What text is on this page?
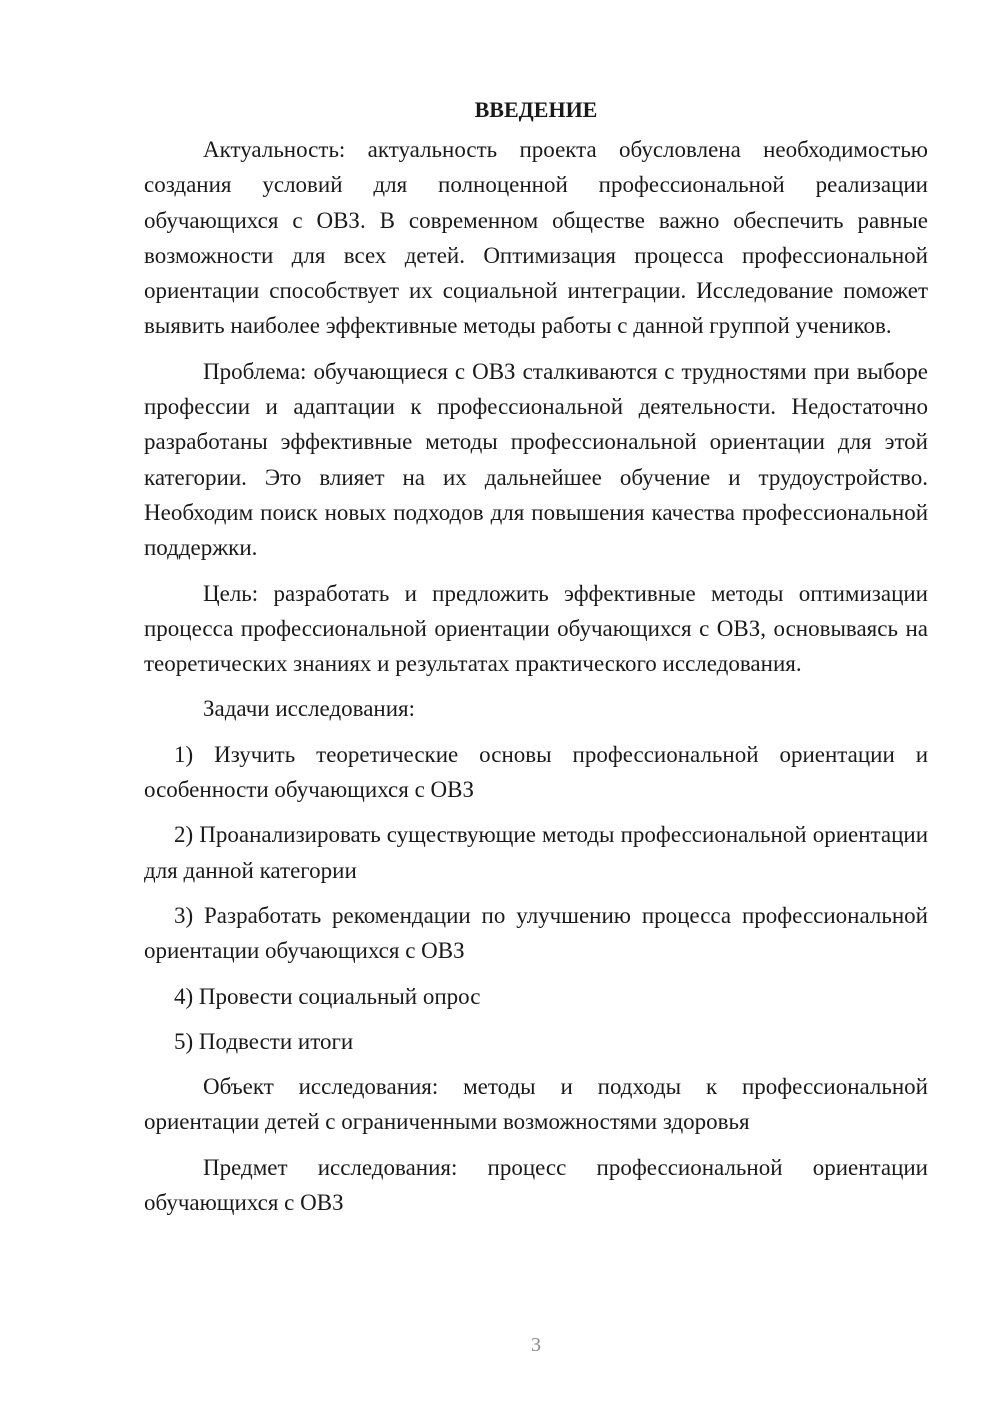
ВВЕДЕНИЕ

Актуальность: актуальность проекта обусловлена необходимостью создания условий для полноценной профессиональной реализации обучающихся с ОВЗ. В современном обществе важно обеспечить равные возможности для всех детей. Оптимизация процесса профессиональной ориентации способствует их социальной интеграции. Исследование поможет выявить наиболее эффективные методы работы с данной группой учеников.

Проблема: обучающиеся с ОВЗ сталкиваются с трудностями при выборе профессии и адаптации к профессиональной деятельности. Недостаточно разработаны эффективные методы профессиональной ориентации для этой категории. Это влияет на их дальнейшее обучение и трудоустройство. Необходим поиск новых подходов для повышения качества профессиональной поддержки.

Цель: разработать и предложить эффективные методы оптимизации процесса профессиональной ориентации обучающихся с ОВЗ, основываясь на теоретических знаниях и результатах практического исследования.

Задачи исследования:

1) Изучить теоретические основы профессиональной ориентации и особенности обучающихся с ОВЗ

2) Проанализировать существующие методы профессиональной ориентации для данной категории

3) Разработать рекомендации по улучшению процесса профессиональной ориентации обучающихся с ОВЗ

4) Провести социальный опрос

5) Подвести итоги

Объект исследования: методы и подходы к профессиональной ориентации детей с ограниченными возможностями здоровья

Предмет исследования: процесс профессиональной ориентации обучающихся с ОВЗ

3
